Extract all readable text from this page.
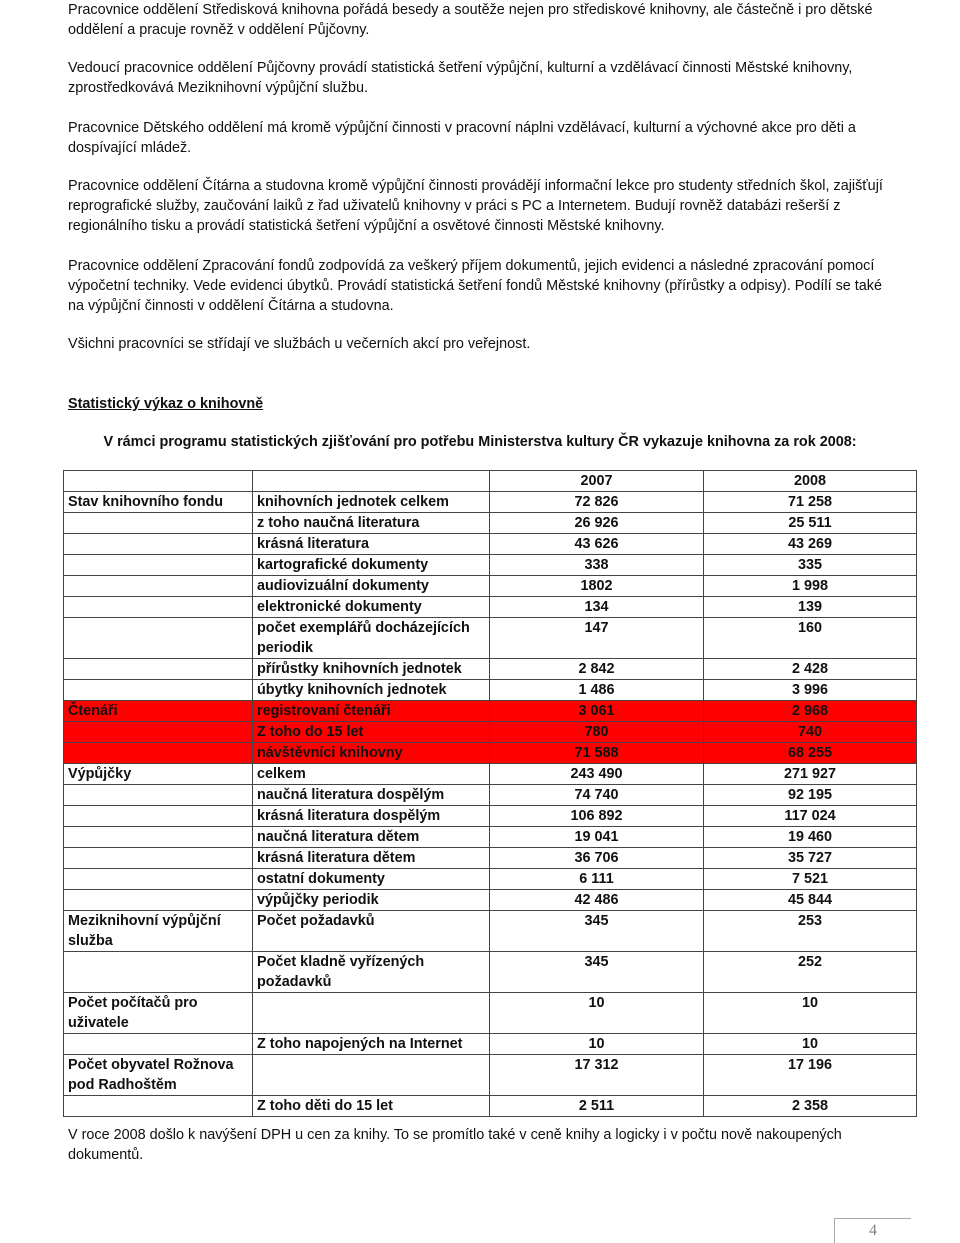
Pracovnice oddělení Středisková knihovna pořádá besedy a soutěže nejen pro střediskové knihovny, ale částečně i pro dětské oddělení a pracuje rovněž v oddělení Půjčovny.

Vedoucí pracovnice oddělení Půjčovny provádí statistická šetření výpůjční, kulturní a vzdělávací činnosti Městské knihovny, zprostředkovává Meziknihovní výpůjční službu.

Pracovnice Dětského oddělení má kromě výpůjční činnosti v pracovní náplni vzdělávací, kulturní a výchovné akce pro děti a dospívající mládež.

Pracovnice oddělení Čítárna a studovna kromě výpůjční činnosti provádějí informační lekce pro studenty středních škol, zajišťují reprografické služby, zaučování laiků z řad uživatelů knihovny v práci s PC a Internetem. Budují rovněž databázi rešerší z regionálního tisku a provádí statistická šetření výpůjční a osvětové činnosti Městské knihovny.

Pracovnice oddělení Zpracování fondů zodpovídá za veškerý příjem dokumentů, jejich evidenci a následné zpracování pomocí výpočetní techniky. Vede evidenci úbytků. Provádí statistická šetření fondů Městské knihovny (přírůstky a odpisy). Podílí se také na výpůjční činnosti v oddělení Čítárna a studovna.

Všichni pracovníci se střídají ve službách u večerních akcí pro veřejnost.

Statistický výkaz o knihovně

V rámci programu statistických zjišťování pro potřebu Ministerstva kultury ČR vykazuje knihovna za rok 2008:

		2007	2008
Stav knihovního fondu	knihovních jednotek celkem	72 826	71 258
	z toho naučná literatura	26 926	25 511
	krásná literatura	43 626	43 269
	kartografické dokumenty	338	335
	audiovizuální dokumenty	1802	1 998
	elektronické dokumenty	134	139
	počet exemplářů docházejících periodik	147	160
	přírůstky knihovních jednotek	2 842	2 428
	úbytky knihovních jednotek	1 486	3 996
Čtenáři	registrovaní čtenáři	3 061	2 968
	Z toho do 15 let	780	740
	návštěvníci knihovny	71 588	68 255
Výpůjčky	celkem	243 490	271 927
	naučná literatura dospělým	74 740	92 195
	krásná literatura dospělým	106 892	117 024
	naučná literatura dětem	19 041	19 460
	krásná literatura dětem	36 706	35 727
	ostatní dokumenty	6 111	7 521
	výpůjčky periodik	42 486	45 844
Meziknihovní výpůjční služba	Počet požadavků	345	253
	Počet kladně vyřízených požadavků	345	252
Počet počítačů pro uživatele		10	10
	Z toho napojených na Internet	10	10
Počet obyvatel Rožnova pod Radhoštěm		17 312	17 196
	Z toho děti do 15 let	2 511	2 358

V roce 2008 došlo k navýšení DPH u cen za knihy. To se promítlo také v ceně knihy a logicky i v počtu nově nakoupených dokumentů.

4
